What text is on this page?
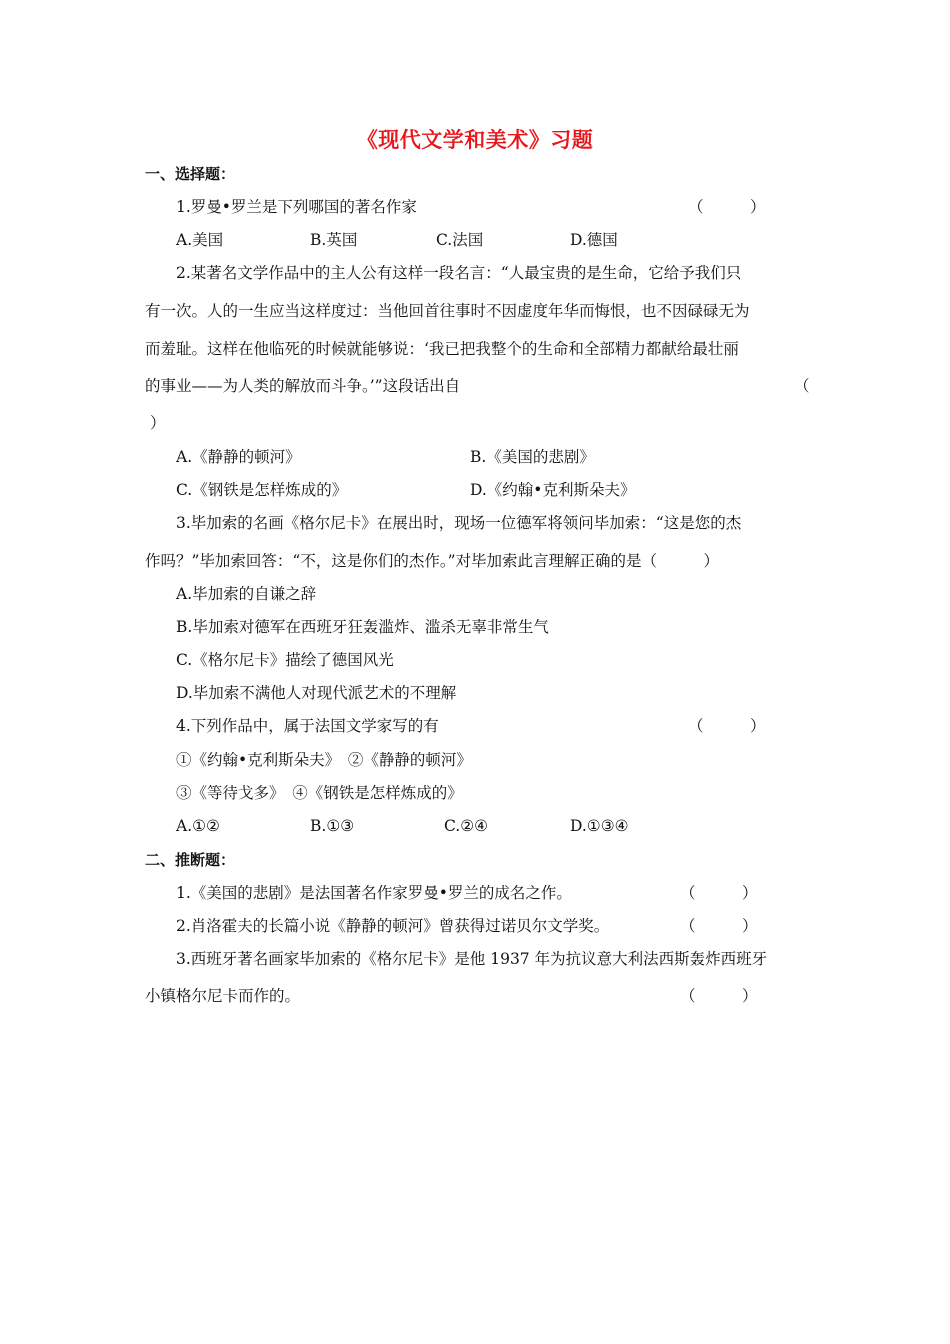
《现代文学和美术》习题
一、选择题：
1.罗曼•罗兰是下列哪国的著名作家	（　　　）
A.美国	B.英国	C.法国	D.德国
2.某著名文学作品中的主人公有这样一段名言：“人最宝贵的是生命，它给予我们只
有一次。人的一生应当这样度过：当他回首往事时不因虚度年华而悔恨，也不因碌碌无为
而羞耻。这样在他临死的时候就能够说：‘我已把我整个的生命和全部精力都献给最壮丽
的事业——为人类的解放而斗争。’”这段话出自	（
）
A.《静静的顿河》	B.《美国的悲剧》
C.《钢铁是怎样炼成的》	D.《约翰•克利斯朵夫》
3.毕加索的名画《格尔尼卡》在展出时，现场一位德军将领问毕加索：“这是您的杰
作吗？”毕加索回答：“不，这是你们的杰作。”对毕加索此言理解正确的是（　　　）
A.毕加索的自谦之辞
B.毕加索对德军在西班牙狂轰滥炸、滥杀无辜非常生气
C.《格尔尼卡》描绘了德国风光
D.毕加索不满他人对现代派艺术的不理解
4.下列作品中，属于法国文学家写的有	（　　　）
①《约翰•克利斯朵夫》　②《静静的顿河》
③《等待戈多》　④《钢铁是怎样炼成的》
A.①②	B.①③	C.②④	D.①③④
二、推断题：
1.《美国的悲剧》是法国著名作家罗曼•罗兰的成名之作。	（　　　）
2.肖洛霍夫的长篇小说《静静的顿河》曾获得过诺贝尔文学奖。	（　　　）
3.西班牙著名画家毕加索的《格尔尼卡》是他 1937 年为抗议意大利法西斯轰炸西班牙
小镇格尔尼卡而作的。	（　　　）
